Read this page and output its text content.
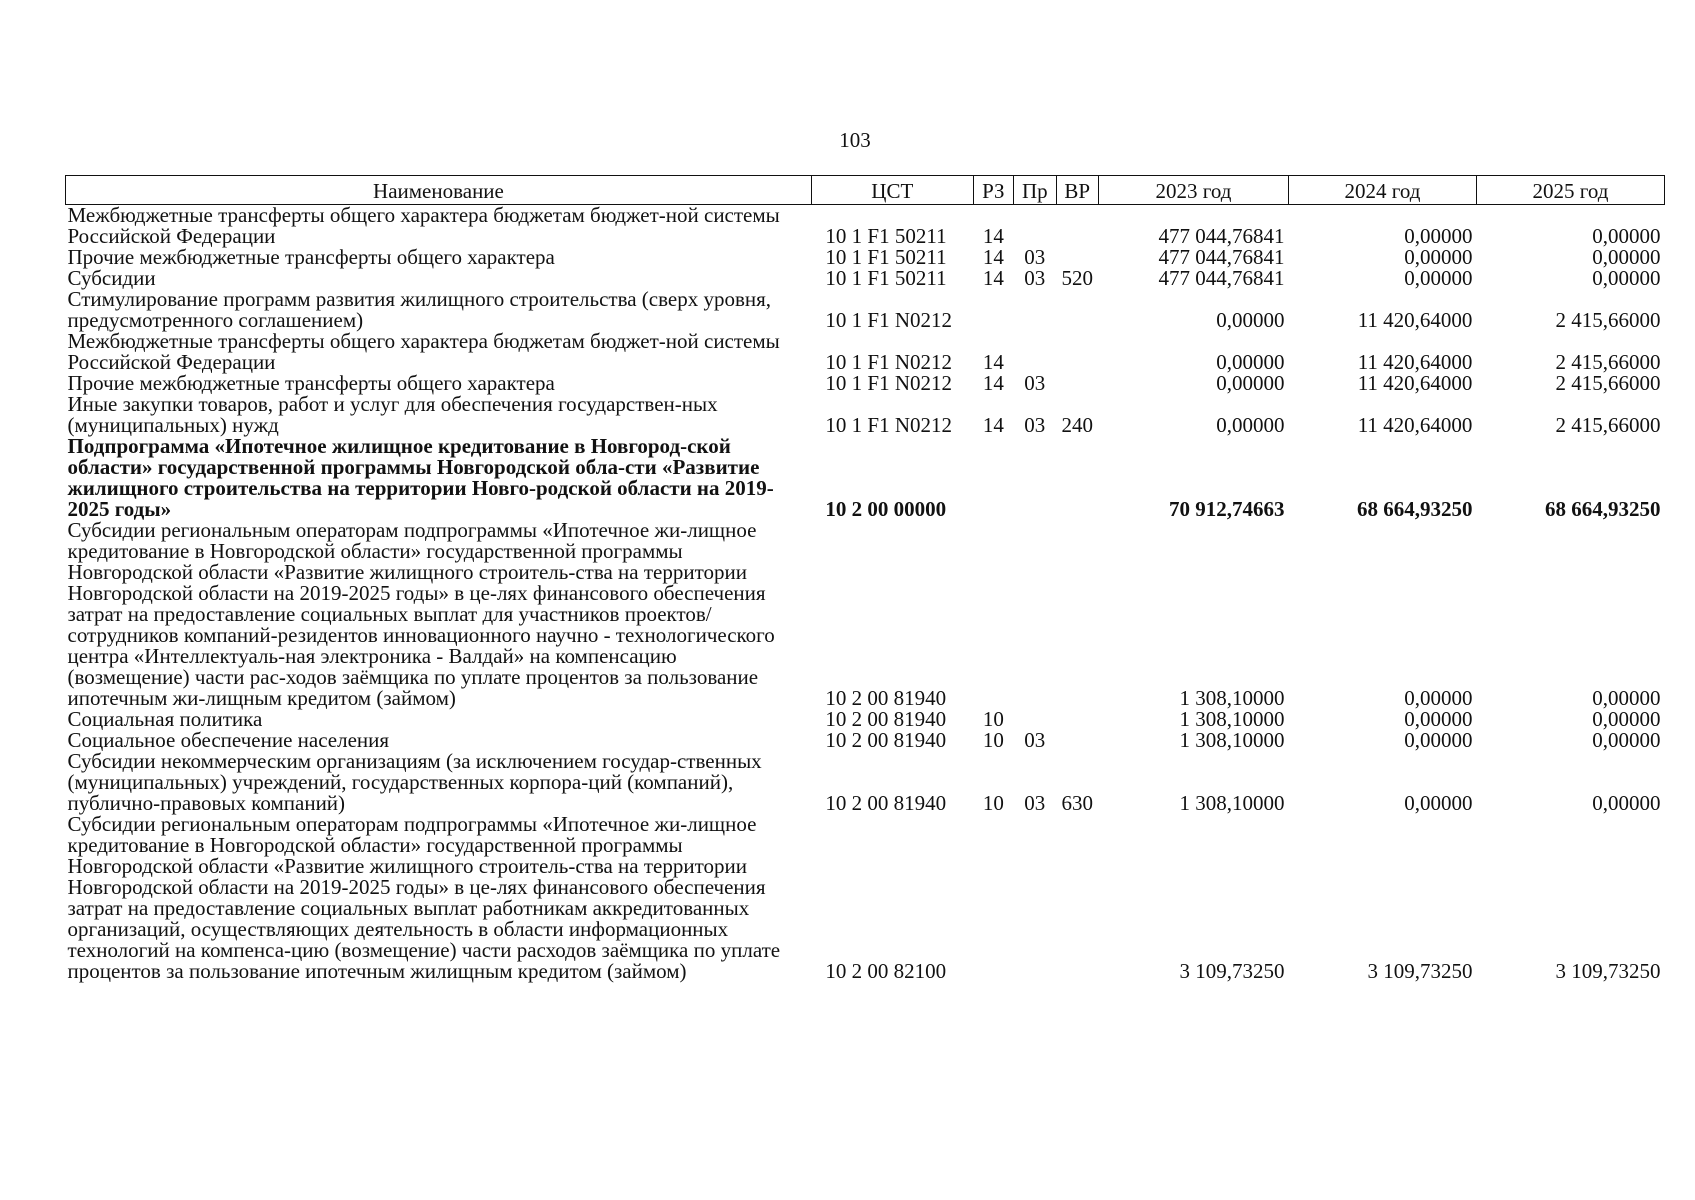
103
Наименование	ЦСТ	РЗ	Пр	ВР	2023 год	2024 год	2025 год
Межбюджетные трансферты общего характера бюджетам бюджет-ной системы Российской Федерации	10 1 F1 50211	14			477 044,76841	0,00000	0,00000
Прочие межбюджетные трансферты общего характера	10 1 F1 50211	14	03		477 044,76841	0,00000	0,00000
Субсидии	10 1 F1 50211	14	03	520	477 044,76841	0,00000	0,00000
Стимулирование программ развития жилищного строительства (сверх уровня, предусмотренного соглашением)	10 1 F1 N0212				0,00000	11 420,64000	2 415,66000
Межбюджетные трансферты общего характера бюджетам бюджет-ной системы Российской Федерации	10 1 F1 N0212	14			0,00000	11 420,64000	2 415,66000
Прочие межбюджетные трансферты общего характера	10 1 F1 N0212	14	03		0,00000	11 420,64000	2 415,66000
Иные закупки товаров, работ и услуг для обеспечения государствен-ных (муниципальных) нужд	10 1 F1 N0212	14	03	240	0,00000	11 420,64000	2 415,66000
Подпрограмма «Ипотечное жилищное кредитование в Новгород-ской области» государственной программы Новгородской обла-сти «Развитие жилищного строительства на территории Новго-родской области на 2019-2025 годы»	10 2 00 00000				70 912,74663	68 664,93250	68 664,93250
Субсидии региональным операторам подпрограммы «Ипотечное жи-лищное кредитование в Новгородской области» государственной программы Новгородской области «Развитие жилищного строитель-ства на территории Новгородской области на 2019-2025 годы» в це-лях финансового обеспечения затрат на предоставление социальных выплат для участников проектов/сотрудников компаний-резидентов инновационного научно - технологического центра «Интеллектуаль-ная электроника - Валдай» на компенсацию (возмещение) части рас-ходов заёмщика по уплате процентов за пользование ипотечным жи-лищным кредитом (займом)	10 2 00 81940				1 308,10000	0,00000	0,00000
Социальная политика	10 2 00 81940	10			1 308,10000	0,00000	0,00000
Социальное обеспечение населения	10 2 00 81940	10	03		1 308,10000	0,00000	0,00000
Субсидии некоммерческим организациям (за исключением государ-ственных (муниципальных) учреждений, государственных корпора-ций (компаний), публично-правовых компаний)	10 2 00 81940	10	03	630	1 308,10000	0,00000	0,00000
Субсидии региональным операторам подпрограммы «Ипотечное жи-лищное кредитование в Новгородской области» государственной программы Новгородской области «Развитие жилищного строитель-ства на территории Новгородской области на 2019-2025 годы» в це-лях финансового обеспечения затрат на предоставление социальных выплат работникам аккредитованных организаций, осуществляющих деятельность в области информационных технологий на компенса-цию (возмещение) части расходов заёмщика по уплате процентов за пользование ипотечным жилищным кредитом (займом)	10 2 00 82100				3 109,73250	3 109,73250	3 109,73250
